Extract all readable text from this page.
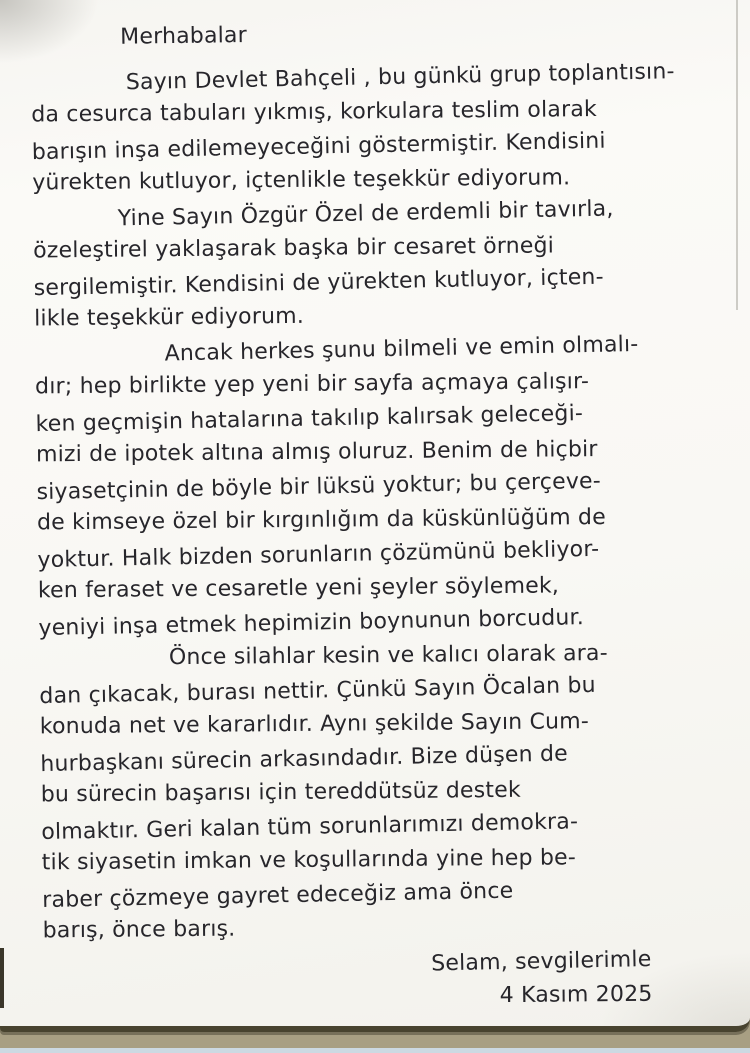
Merhabalar
Sayın Devlet Bahçeli , bu günkü grup toplantısın-
da cesurca tabuları yıkmış, korkulara teslim olarak
barışın inşa edilemeyeceğini göstermiştir. Kendisini
yürekten kutluyor, içtenlikle teşekkür ediyorum.
Yine Sayın Özgür Özel de erdemli bir tavırla,
özeleştirel yaklaşarak başka bir cesaret örneği
sergilemiştir. Kendisini de yürekten kutluyor, içten-
likle teşekkür ediyorum.
Ancak herkes şunu bilmeli ve emin olmalı-
dır; hep birlikte yep yeni bir sayfa açmaya çalışır-
ken geçmişin hatalarına takılıp kalırsak geleceği-
mizi de ipotek altına almış oluruz. Benim de hiçbir
siyasetçinin de böyle bir lüksü yoktur; bu çerçeve-
de kimseye özel bir kırgınlığım da küskünlüğüm de
yoktur. Halk bizden sorunların çözümünü bekliyor-
ken feraset ve cesaretle yeni şeyler söylemek,
yeniyi inşa etmek hepimizin boynunun borcudur.
Önce silahlar kesin ve kalıcı olarak ara-
dan çıkacak, burası nettir. Çünkü Sayın Öcalan bu
konuda net ve kararlıdır. Aynı şekilde Sayın Cum-
hurbaşkanı sürecin arkasındadır. Bize düşen de
bu sürecin başarısı için tereddütsüz destek
olmaktır. Geri kalan tüm sorunlarımızı demokra-
tik siyasetin imkan ve koşullarında yine hep be-
raber çözmeye gayret edeceğiz ama önce
barış, önce barış.
Selam, sevgilerimle
4 Kasım 2025
